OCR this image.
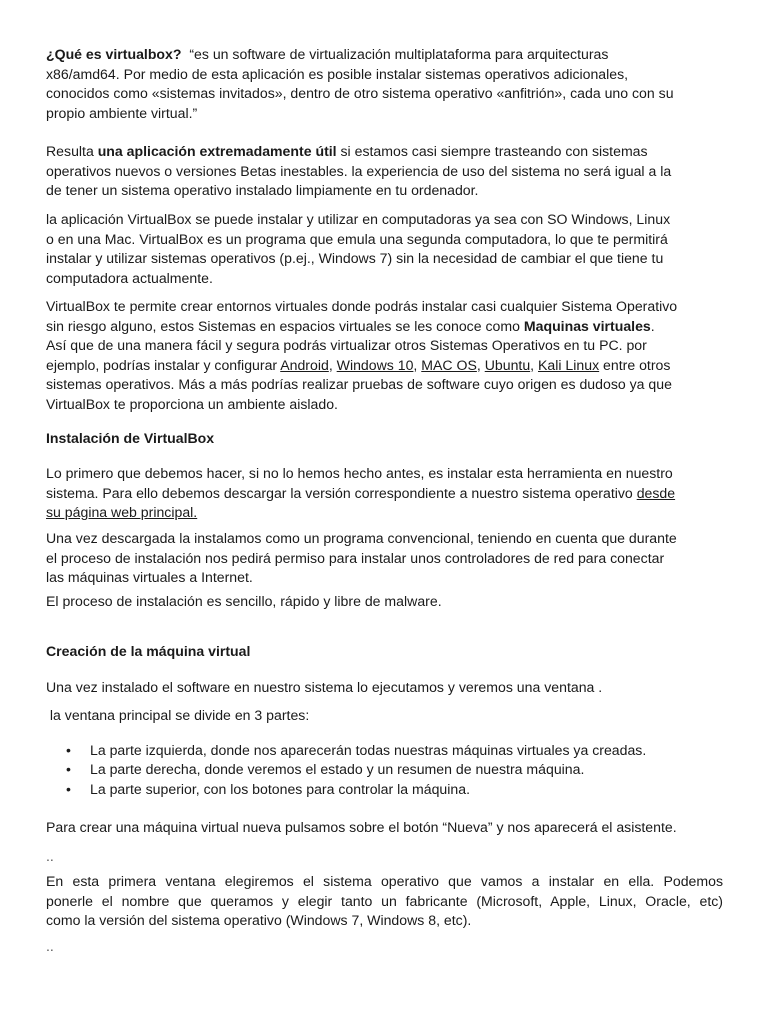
¿Qué es virtualbox? “es un software de virtualización multiplataforma para arquitecturas
x86/amd64. Por medio de esta aplicación es posible instalar sistemas operativos adicionales,
conocidos como «sistemas invitados», dentro de otro sistema operativo «anfitrión», cada uno con su
propio ambiente virtual.”
Resulta una aplicación extremadamente útil si estamos casi siempre trasteando con sistemas
operativos nuevos o versiones Betas inestables. la experiencia de uso del sistema no será igual a la
de tener un sistema operativo instalado limpiamente en tu ordenador.
la aplicación VirtualBox se puede instalar y utilizar en computadoras ya sea con SO Windows, Linux
o en una Mac. VirtualBox es un programa que emula una segunda computadora, lo que te permitirá
instalar y utilizar sistemas operativos (p.ej., Windows 7) sin la necesidad de cambiar el que tiene tu
computadora actualmente.
VirtualBox te permite crear entornos virtuales donde podrás instalar casi cualquier Sistema Operativo
sin riesgo alguno, estos Sistemas en espacios virtuales se les conoce como Maquinas virtuales.
Así que de una manera fácil y segura podrás virtualizar otros Sistemas Operativos en tu PC. por
ejemplo, podrías instalar y configurar Android, Windows 10, MAC OS, Ubuntu, Kali Linux entre otros
sistemas operativos. Más a más podrías realizar pruebas de software cuyo origen es dudoso ya que
VirtualBox te proporciona un ambiente aislado.
Instalación de VirtualBox
Lo primero que debemos hacer, si no lo hemos hecho antes, es instalar esta herramienta en nuestro
sistema. Para ello debemos descargar la versión correspondiente a nuestro sistema operativo desde
su página web principal.
Una vez descargada la instalamos como un programa convencional, teniendo en cuenta que durante
el proceso de instalación nos pedirá permiso para instalar unos controladores de red para conectar
las máquinas virtuales a Internet.
El proceso de instalación es sencillo, rápido y libre de malware.
Creación de la máquina virtual
Una vez instalado el software en nuestro sistema lo ejecutamos y veremos una ventana .
la ventana principal se divide en 3 partes:
• La parte izquierda, donde nos aparecerán todas nuestras máquinas virtuales ya creadas.
• La parte derecha, donde veremos el estado y un resumen de nuestra máquina.
• La parte superior, con los botones para controlar la máquina.
Para crear una máquina virtual nueva pulsamos sobre el botón “Nueva” y nos aparecerá el asistente.
..
En esta primera ventana elegiremos el sistema operativo que vamos a instalar en ella. Podemos
ponerle el nombre que queramos y elegir tanto un fabricante (Microsoft, Apple, Linux, Oracle, etc)
como la versión del sistema operativo (Windows 7, Windows 8, etc).
..
